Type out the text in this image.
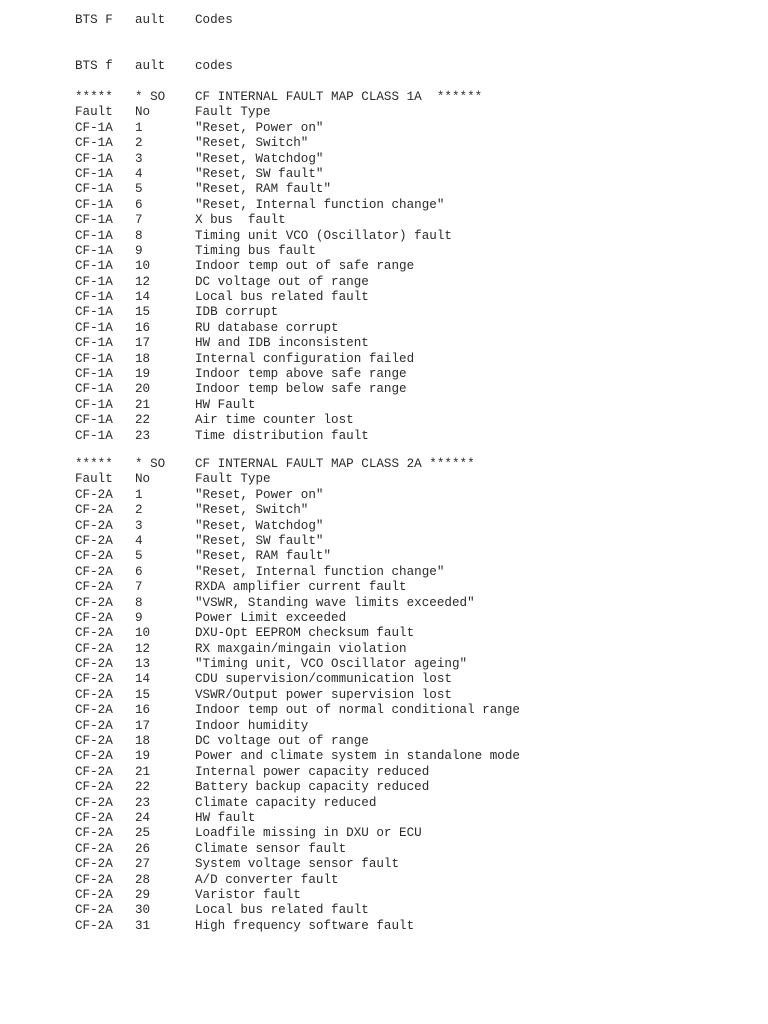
BTS F ault Codes
BTS f ault codes
***** * SO CF INTERNAL FAULT MAP CLASS 1A  ******
Fault No	Fault Type
CF-1A 1	"Reset, Power on"
CF-1A 2	"Reset, Switch"
CF-1A 3	"Reset, Watchdog"
CF-1A 4	"Reset, SW fault"
CF-1A 5	"Reset, RAM fault"
CF-1A 6	"Reset, Internal function change"
CF-1A 7	X bus  fault
CF-1A 8	Timing unit VCO (Oscillator) fault
CF-1A 9	Timing bus fault
CF-1A 10	Indoor temp out of safe range
CF-1A 12	DC voltage out of range
CF-1A 14	Local bus related fault
CF-1A 15	IDB corrupt
CF-1A 16	RU database corrupt
CF-1A 17	HW and IDB inconsistent
CF-1A 18	Internal configuration failed
CF-1A 19	Indoor temp above safe range
CF-1A 20	Indoor temp below safe range
CF-1A 21	HW Fault
CF-1A 22	Air time counter lost
CF-1A 23	Time distribution fault
***** * SO CF INTERNAL FAULT MAP CLASS 2A ******
Fault No	Fault Type
CF-2A 1	"Reset, Power on"
CF-2A 2	"Reset, Switch"
CF-2A 3	"Reset, Watchdog"
CF-2A 4	"Reset, SW fault"
CF-2A 5	"Reset, RAM fault"
CF-2A 6	"Reset, Internal function change"
CF-2A 7	RXDA amplifier current fault
CF-2A 8	"VSWR, Standing wave limits exceeded"
CF-2A 9	Power Limit exceeded
CF-2A 10	DXU-Opt EEPROM checksum fault
CF-2A 12	RX maxgain/mingain violation
CF-2A 13	"Timing unit, VCO Oscillator ageing"
CF-2A 14	CDU supervision/communication lost
CF-2A 15	VSWR/Output power supervision lost
CF-2A 16	Indoor temp out of normal conditional range
CF-2A 17	Indoor humidity
CF-2A 18	DC voltage out of range
CF-2A 19	Power and climate system in standalone mode
CF-2A 21	Internal power capacity reduced
CF-2A 22	Battery backup capacity reduced
CF-2A 23	Climate capacity reduced
CF-2A 24	HW fault
CF-2A 25	Loadfile missing in DXU or ECU
CF-2A 26	Climate sensor fault
CF-2A 27	System voltage sensor fault
CF-2A 28	A/D converter fault
CF-2A 29	Varistor fault
CF-2A 30	Local bus related fault
CF-2A 31	High frequency software fault
